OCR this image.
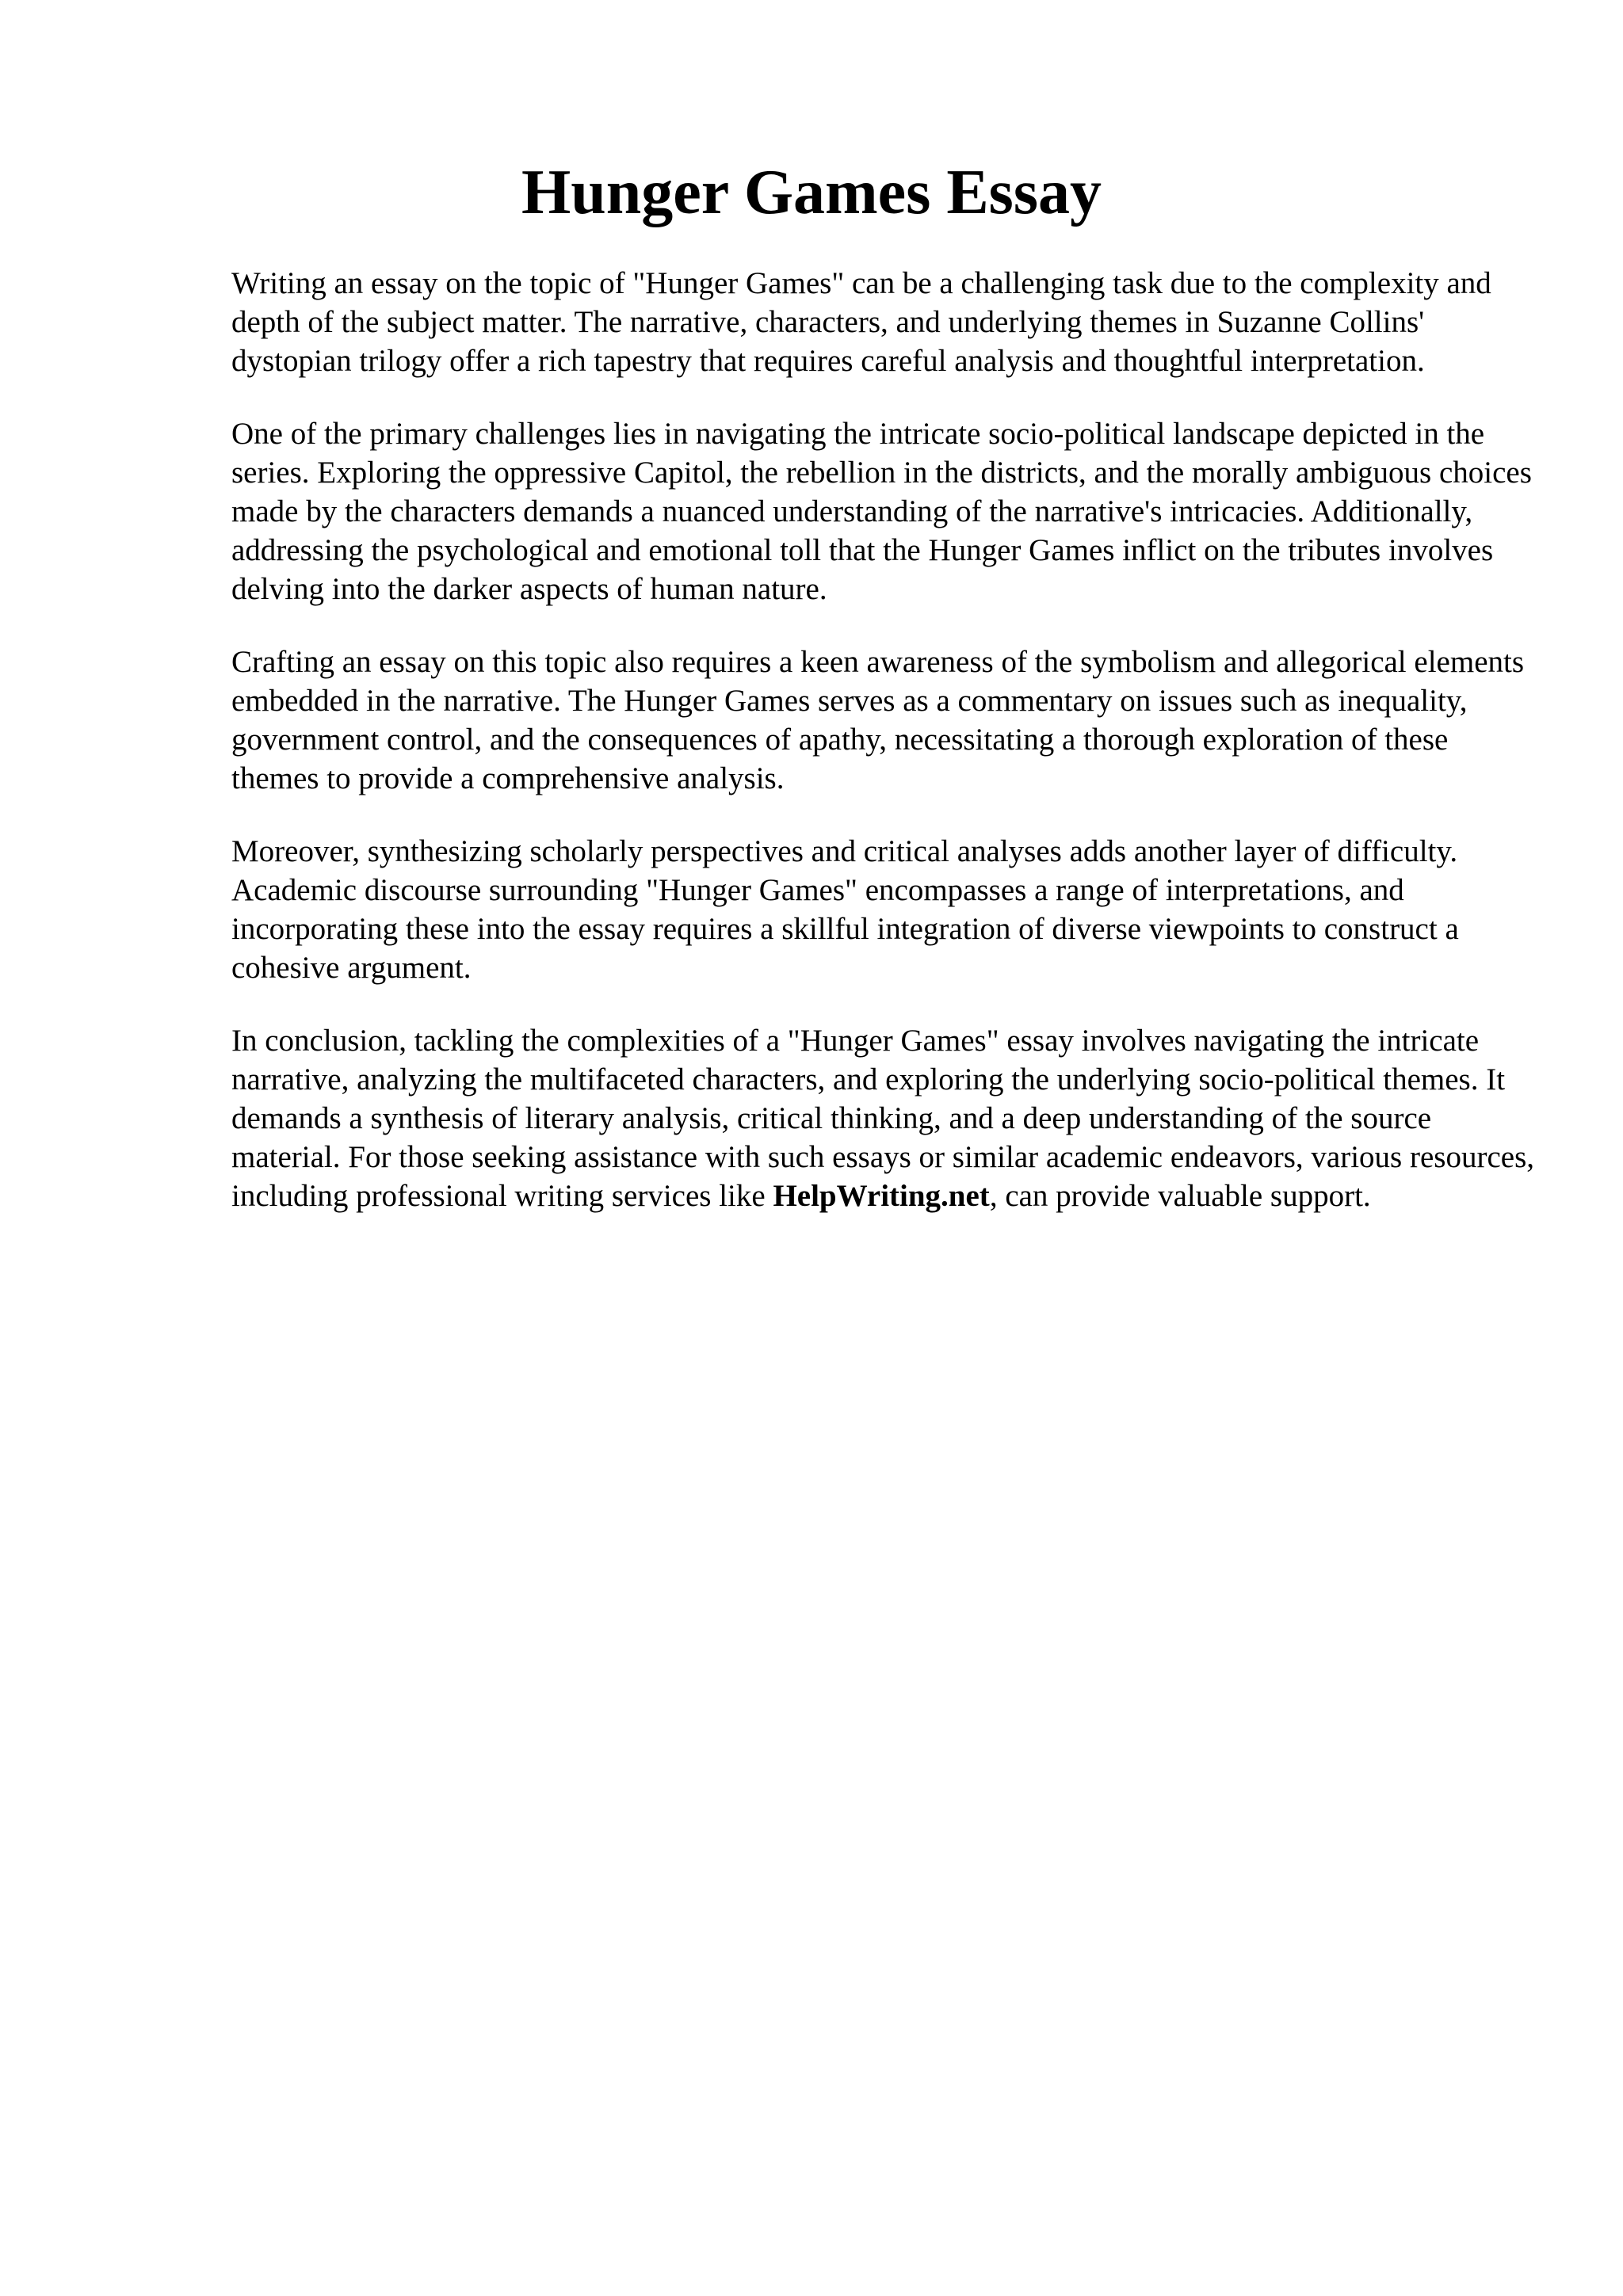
Hunger Games Essay

Writing an essay on the topic of "Hunger Games" can be a challenging task due to the complexity and depth of the subject matter. The narrative, characters, and underlying themes in Suzanne Collins' dystopian trilogy offer a rich tapestry that requires careful analysis and thoughtful interpretation.

One of the primary challenges lies in navigating the intricate socio-political landscape depicted in the series. Exploring the oppressive Capitol, the rebellion in the districts, and the morally ambiguous choices made by the characters demands a nuanced understanding of the narrative's intricacies. Additionally, addressing the psychological and emotional toll that the Hunger Games inflict on the tributes involves delving into the darker aspects of human nature.

Crafting an essay on this topic also requires a keen awareness of the symbolism and allegorical elements embedded in the narrative. The Hunger Games serves as a commentary on issues such as inequality, government control, and the consequences of apathy, necessitating a thorough exploration of these themes to provide a comprehensive analysis.

Moreover, synthesizing scholarly perspectives and critical analyses adds another layer of difficulty. Academic discourse surrounding "Hunger Games" encompasses a range of interpretations, and incorporating these into the essay requires a skillful integration of diverse viewpoints to construct a cohesive argument.

In conclusion, tackling the complexities of a "Hunger Games" essay involves navigating the intricate narrative, analyzing the multifaceted characters, and exploring the underlying socio-political themes. It demands a synthesis of literary analysis, critical thinking, and a deep understanding of the source material. For those seeking assistance with such essays or similar academic endeavors, various resources, including professional writing services like HelpWriting.net, can provide valuable support.
